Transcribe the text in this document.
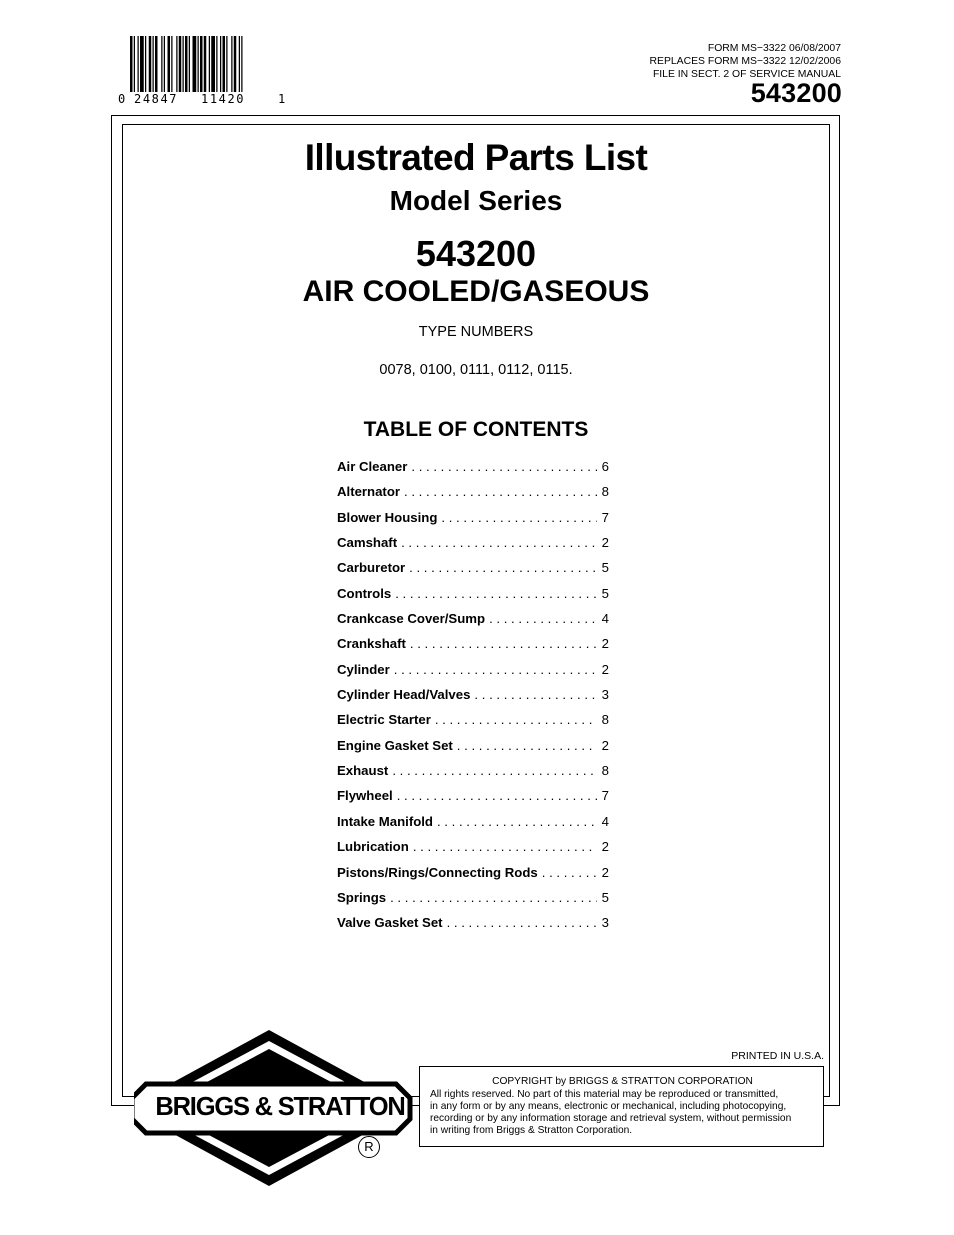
0 24847 11420	1
FORM MS−3322 06/08/2007
REPLACES FORM MS−3322 12/02/2006
FILE IN SECT. 2 OF SERVICE MANUAL
543200
Illustrated Parts List
Model Series
543200
AIR COOLED/GASEOUS
TYPE NUMBERS
0078, 0100, 0111, 0112, 0115.
TABLE OF CONTENTS
Air Cleaner . . .	6
Alternator . . .	8
Blower Housing . . .	7
Camshaft . . .	2
Carburetor . . .	5
Controls . . .	5
Crankcase Cover/Sump . . .	4
Crankshaft . . .	2
Cylinder . . .	2
Cylinder Head/Valves . . .	3
Electric Starter . . .	8
Engine Gasket Set . . .	2
Exhaust . . .	8
Flywheel . . .	7
Intake Manifold . . .	4
Lubrication . . .	2
Pistons/Rings/Connecting Rods . . .	2
Springs . . .	5
Valve Gasket Set . . .	3
BRIGGS & STRATTON
R
PRINTED IN U.S.A.
COPYRIGHT by BRIGGS & STRATTON CORPORATION
All rights reserved. No part of this material may be reproduced or transmitted,
in any form or by any means, electronic or mechanical, including photocopying,
recording or by any information storage and retrieval system, without permission
in writing from Briggs & Stratton Corporation.
